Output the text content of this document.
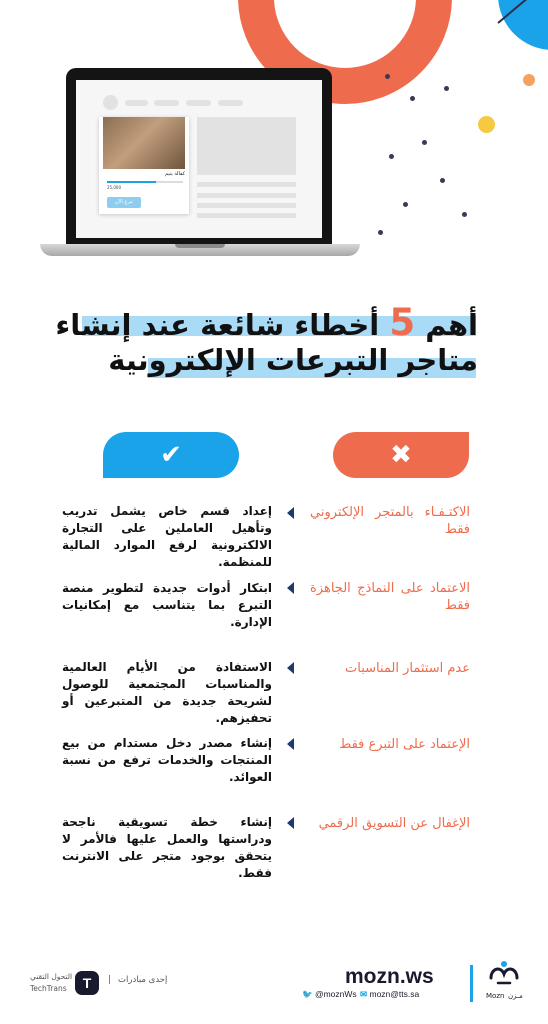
كفالة يتيم
25,000
تبرع الآن
أهم 5 أخطاء شائعة عند إنشاء
متاجر التبرعات الإلكترونية
✔	✖
الاكتـفـاء بالمتجر الإلكتروني فقط
إعداد قسم خاص يشمل تدريب وتأهيل العاملين على التجارة الالكترونية لرفع الموارد المالية للمنظمة.
الاعتماد على النماذج الجاهزة فقط
ابتكار أدوات جديدة لتطوير منصة التبرع بما يتناسب مع إمكانيات الإدارة.
عدم استثمار المناسبات
الاستفادة من الأيام العالمية والمناسبات المجتمعية للوصول لشريحة جديدة من المتبرعين أو تحفيزهم.
الإعتماد على التبرع فقط
إنشاء مصدر دخل مستدام من بيع المنتجات والخدمات ترفع من نسبة العوائد.
الإغفال عن التسويق الرقمي
إنشاء خطة تسويقية ناجحة ودراستها والعمل عليها فالأمر لا يتحقق بوجود متجر على الانترنت فقط.
mozn.ws
🐦 @moznWs ✉ mozn@tts.sa	Mozn مـزن
T
التحول التقني
TechTrans
| إحدى مبادرات
